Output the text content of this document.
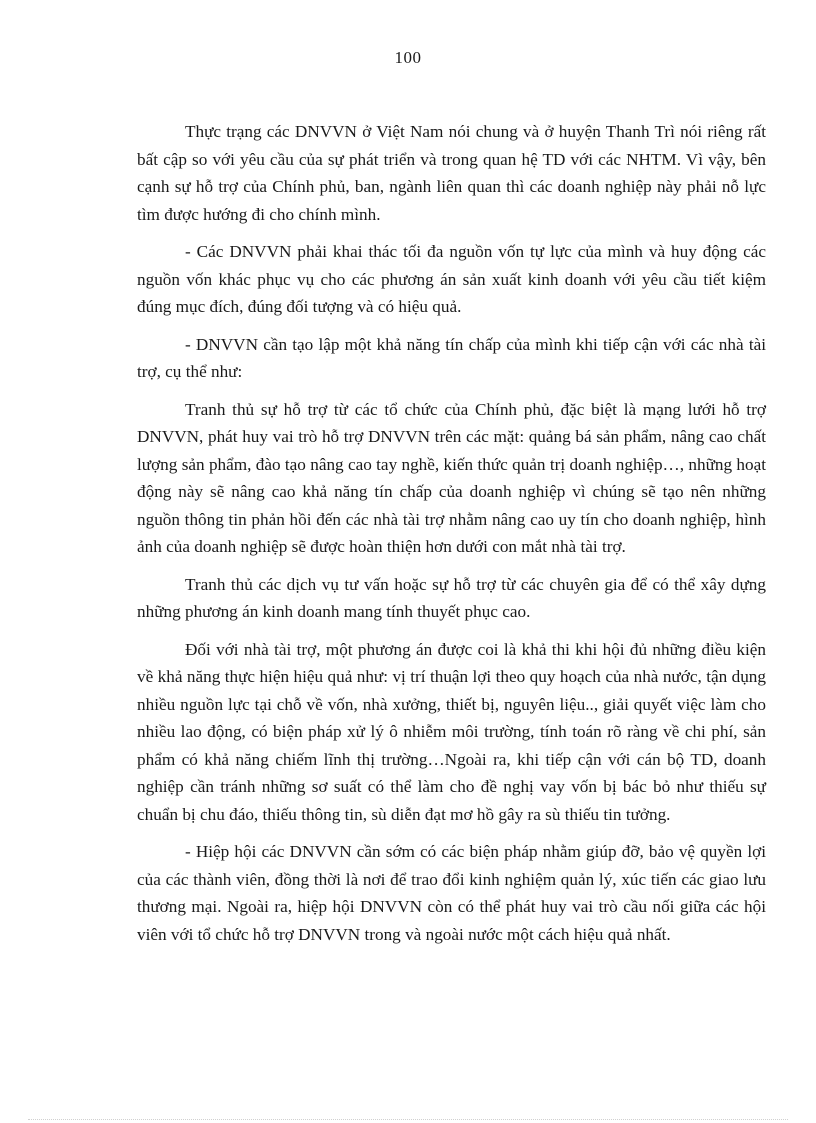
100

Thực trạng các DNVVN ở Việt Nam nói chung và ở huyện Thanh Trì nói riêng rất bất cập so với yêu cầu của sự phát triển và trong quan hệ TD với các NHTM. Vì vậy, bên cạnh sự hỗ trợ của Chính phủ, ban, ngành liên quan thì các doanh nghiệp này phải nỗ lực tìm được hướng đi cho chính mình.

- Các DNVVN phải khai thác tối đa nguồn vốn tự lực của mình và huy động các nguồn vốn khác phục vụ cho các phương án sản xuất kinh doanh với yêu cầu tiết kiệm đúng mục đích, đúng đối tượng và có hiệu quả.

- DNVVN cần tạo lập một khả năng tín chấp của mình khi tiếp cận với các nhà tài trợ, cụ thể như:

Tranh thủ sự hỗ trợ từ các tổ chức của Chính phủ, đặc biệt là mạng lưới hỗ trợ DNVVN, phát huy vai trò hỗ trợ DNVVN trên các mặt: quảng bá sản phẩm, nâng cao chất lượng sản phẩm, đào tạo nâng cao tay nghề, kiến thức quản trị doanh nghiệp…, những hoạt động này sẽ nâng cao khả năng tín chấp của doanh nghiệp vì chúng sẽ tạo nên những nguồn thông tin phản hồi đến các nhà tài trợ nhằm nâng cao uy tín cho doanh nghiệp, hình ảnh của doanh nghiệp sẽ được hoàn thiện hơn dưới con mắt nhà tài trợ.

Tranh thủ các dịch vụ tư vấn hoặc sự hỗ trợ từ các chuyên gia để có thể xây dựng những phương án kinh doanh mang tính thuyết phục cao.

Đối với nhà tài trợ, một phương án được coi là khả thi khi hội đủ những điều kiện về khả năng thực hiện hiệu quả như: vị trí thuận lợi theo quy hoạch của nhà nước, tận dụng nhiều nguồn lực tại chỗ về vốn, nhà xưởng, thiết bị, nguyên liệu.., giải quyết việc làm cho nhiều lao động, có biện pháp xử lý ô nhiễm môi trường, tính toán rõ ràng về chi phí, sản phẩm có khả năng chiếm lĩnh thị trường…Ngoài ra, khi tiếp cận với cán bộ TD, doanh nghiệp cần tránh những sơ suất có thể làm cho đề nghị vay vốn bị bác bỏ như thiếu sự chuẩn bị chu đáo, thiếu thông tin, sù diễn đạt mơ hồ gây ra sù thiếu tin tưởng.

- Hiệp hội các DNVVN cần sớm có các biện pháp nhằm giúp đỡ, bảo vệ quyền lợi của các thành viên, đồng thời là nơi để trao đổi kinh nghiệm quản lý, xúc tiến các giao lưu thương mại. Ngoài ra, hiệp hội DNVVN còn có thể phát huy vai trò cầu nối giữa các hội viên với tổ chức hỗ trợ DNVVN trong và ngoài nước một cách hiệu quả nhất.
